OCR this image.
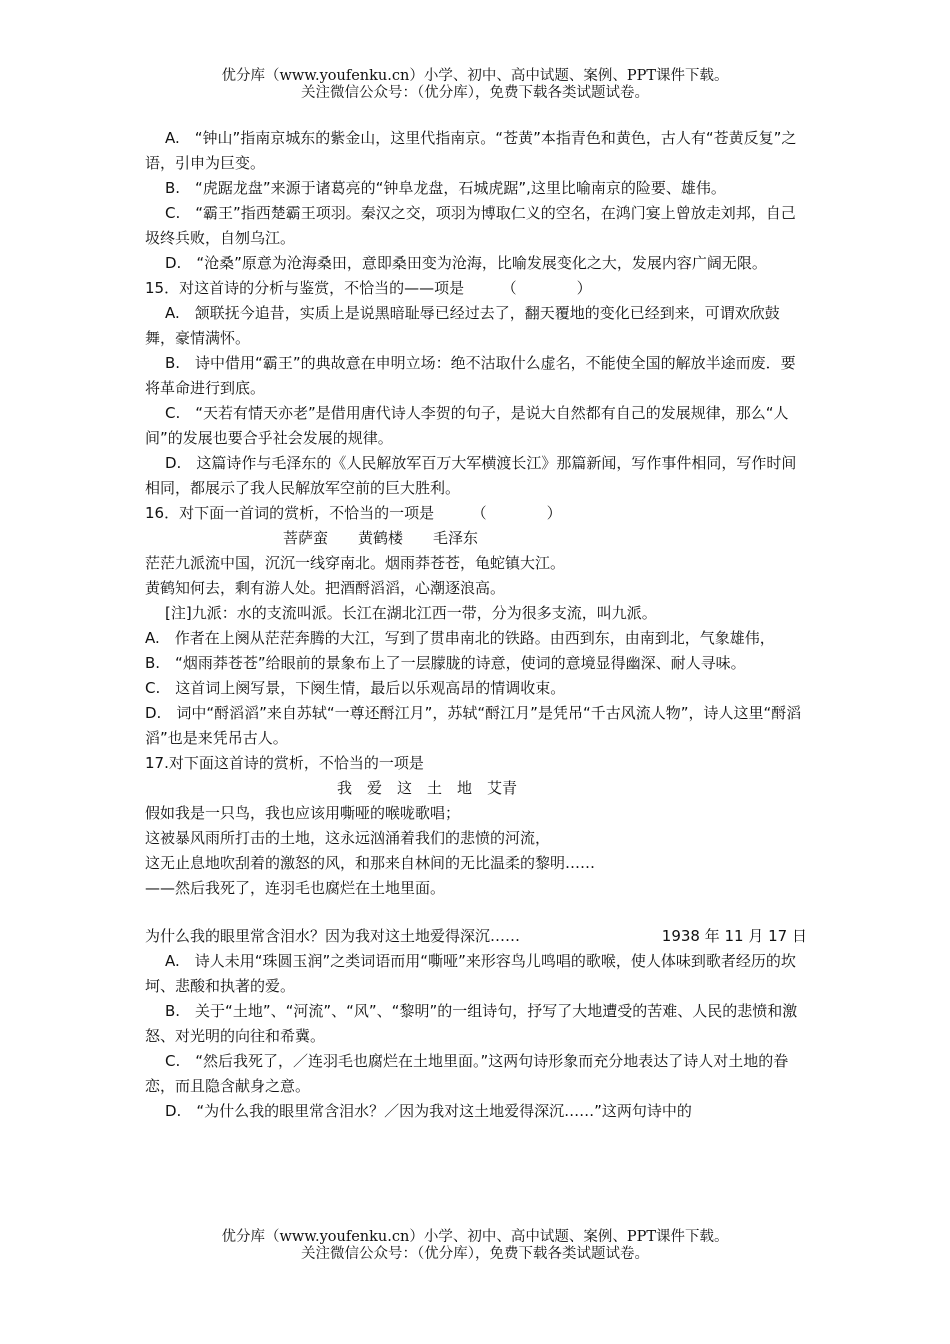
优分库（www.youfenku.cn）小学、初中、高中试题、案例、PPT课件下载。
关注微信公众号：（优分库），免费下载各类试题试卷。

A.　“钟山”指南京城东的紫金山，这里代指南京。“苍黄”本指青色和黄色，古人有“苍黄反复”之语，引申为巨变。

B.　“虎踞龙盘”来源于诸葛亮的“钟阜龙盘，石城虎踞”,这里比喻南京的险要、雄伟。

C.　“霸王”指西楚霸王项羽。秦汉之交，项羽为博取仁义的空名，在鸿门宴上曾放走刘邦，自己圾终兵败，自刎乌江。

D.　“沧桑”原意为沧海桑田，意即桑田变为沧海，比喻发展变化之大，发展内容广阔无限。

15．对这首诗的分析与鉴赏，不恰当的——项是　　　（　　　　）

A.　颔联抚今追昔，实质上是说黑暗耻辱已经过去了，翻天覆地的变化已经到来，可谓欢欣鼓舞，豪情满怀。

B.　诗中借用“霸王”的典故意在申明立场：绝不沽取什么虚名，不能使全国的解放半途而废．要将革命进行到底。

C.　“天若有情天亦老”是借用唐代诗人李贺的句子，是说大自然都有自己的发展规律，那么“人间”的发展也要合乎社会发展的规律。

D.　这篇诗作与毛泽东的《人民解放军百万大军横渡长江》那篇新闻，写作事件相同，写作时间相同，都展示了我人民解放军空前的巨大胜利。

16．对下面一首词的赏析，不恰当的一项是　　　（　　　　）

菩萨蛮　　黄鹤楼　　毛泽东

茫茫九派流中国，沉沉一线穿南北。烟雨莽苍苍，龟蛇镇大江。

黄鹤知何去，剩有游人处。把酒酹滔滔，心潮逐浪高。

[注]九派：水的支流叫派。长江在湖北江西一带，分为很多支流，叫九派。

A.　作者在上阕从茫茫奔腾的大江，写到了贯串南北的铁路。由西到东，由南到北，气象雄伟，

B.　“烟雨莽苍苍”给眼前的景象布上了一层朦胧的诗意，使词的意境显得幽深、耐人寻味。

C.　这首词上阕写景，下阕生情，最后以乐观高昂的情调收束。

D.　词中“酹滔滔”来自苏轼“一尊还酹江月”，苏轼“酹江月”是凭吊“千古风流人物”，诗人这里“酹滔滔”也是来凭吊古人。

17.对下面这首诗的赏析，不恰当的一项是

我　爱　这　土　地　艾青

假如我是一只鸟，我也应该用嘶哑的喉咙歌唱；

这被暴风雨所打击的土地，这永远汹涌着我们的悲愤的河流，

这无止息地吹刮着的激怒的风，和那来自林间的无比温柔的黎明……

——然后我死了，连羽毛也腐烂在土地里面。

为什么我的眼里常含泪水？因为我对这土地爱得深沉……	1938 年 11 月 17 日

A.　诗人未用“珠圆玉润”之类词语而用“嘶哑”来形容鸟儿鸣唱的歌喉，使人体味到歌者经历的坎坷、悲酸和执著的爱。

B.　关于“土地”、“河流”、“风”、“黎明”的一组诗句，抒写了大地遭受的苦难、人民的悲愤和激怒、对光明的向往和希冀。

C.　“然后我死了，／连羽毛也腐烂在土地里面。”这两句诗形象而充分地表达了诗人对土地的眷恋，而且隐含献身之意。

D.　“为什么我的眼里常含泪水？／因为我对这土地爱得深沉……”这两句诗中的

优分库（www.youfenku.cn）小学、初中、高中试题、案例、PPT课件下载。
关注微信公众号：（优分库），免费下载各类试题试卷。
